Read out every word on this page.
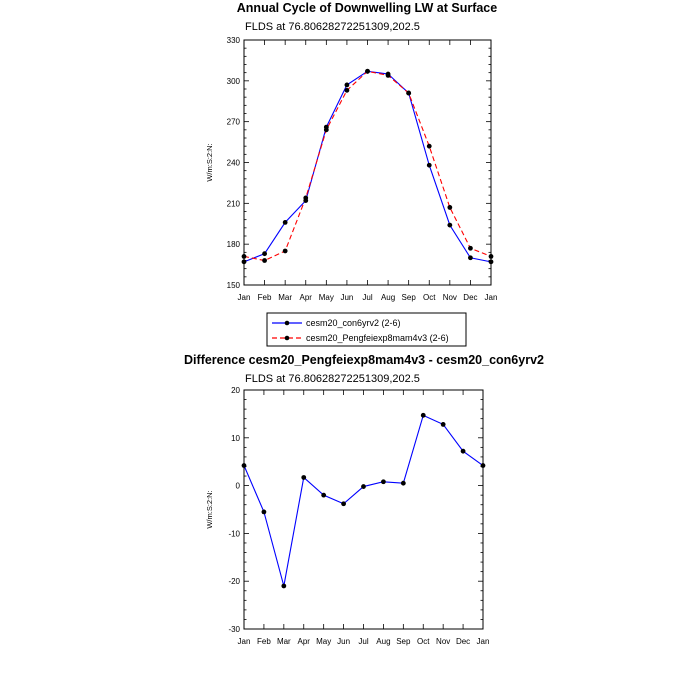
Annual Cycle of Downwelling LW at Surface
FLDS at 76.80628272251309,202.5
150
180
210
240
270
300
330
Jan Feb Mar Apr May Jun Jul Aug Sep Oct Nov Dec Jan
W/m:S:2:N:
cesm20_con6yrv2 (2-6)
cesm20_Pengfeiexp8mam4v3 (2-6)
Difference cesm20_Pengfeiexp8mam4v3 - cesm20_con6yrv2
FLDS at 76.80628272251309,202.5
-30
-20
-10
0
10
20
Jan Feb Mar Apr May Jun Jul Aug Sep Oct Nov Dec Jan
W/m:S:2:N:
